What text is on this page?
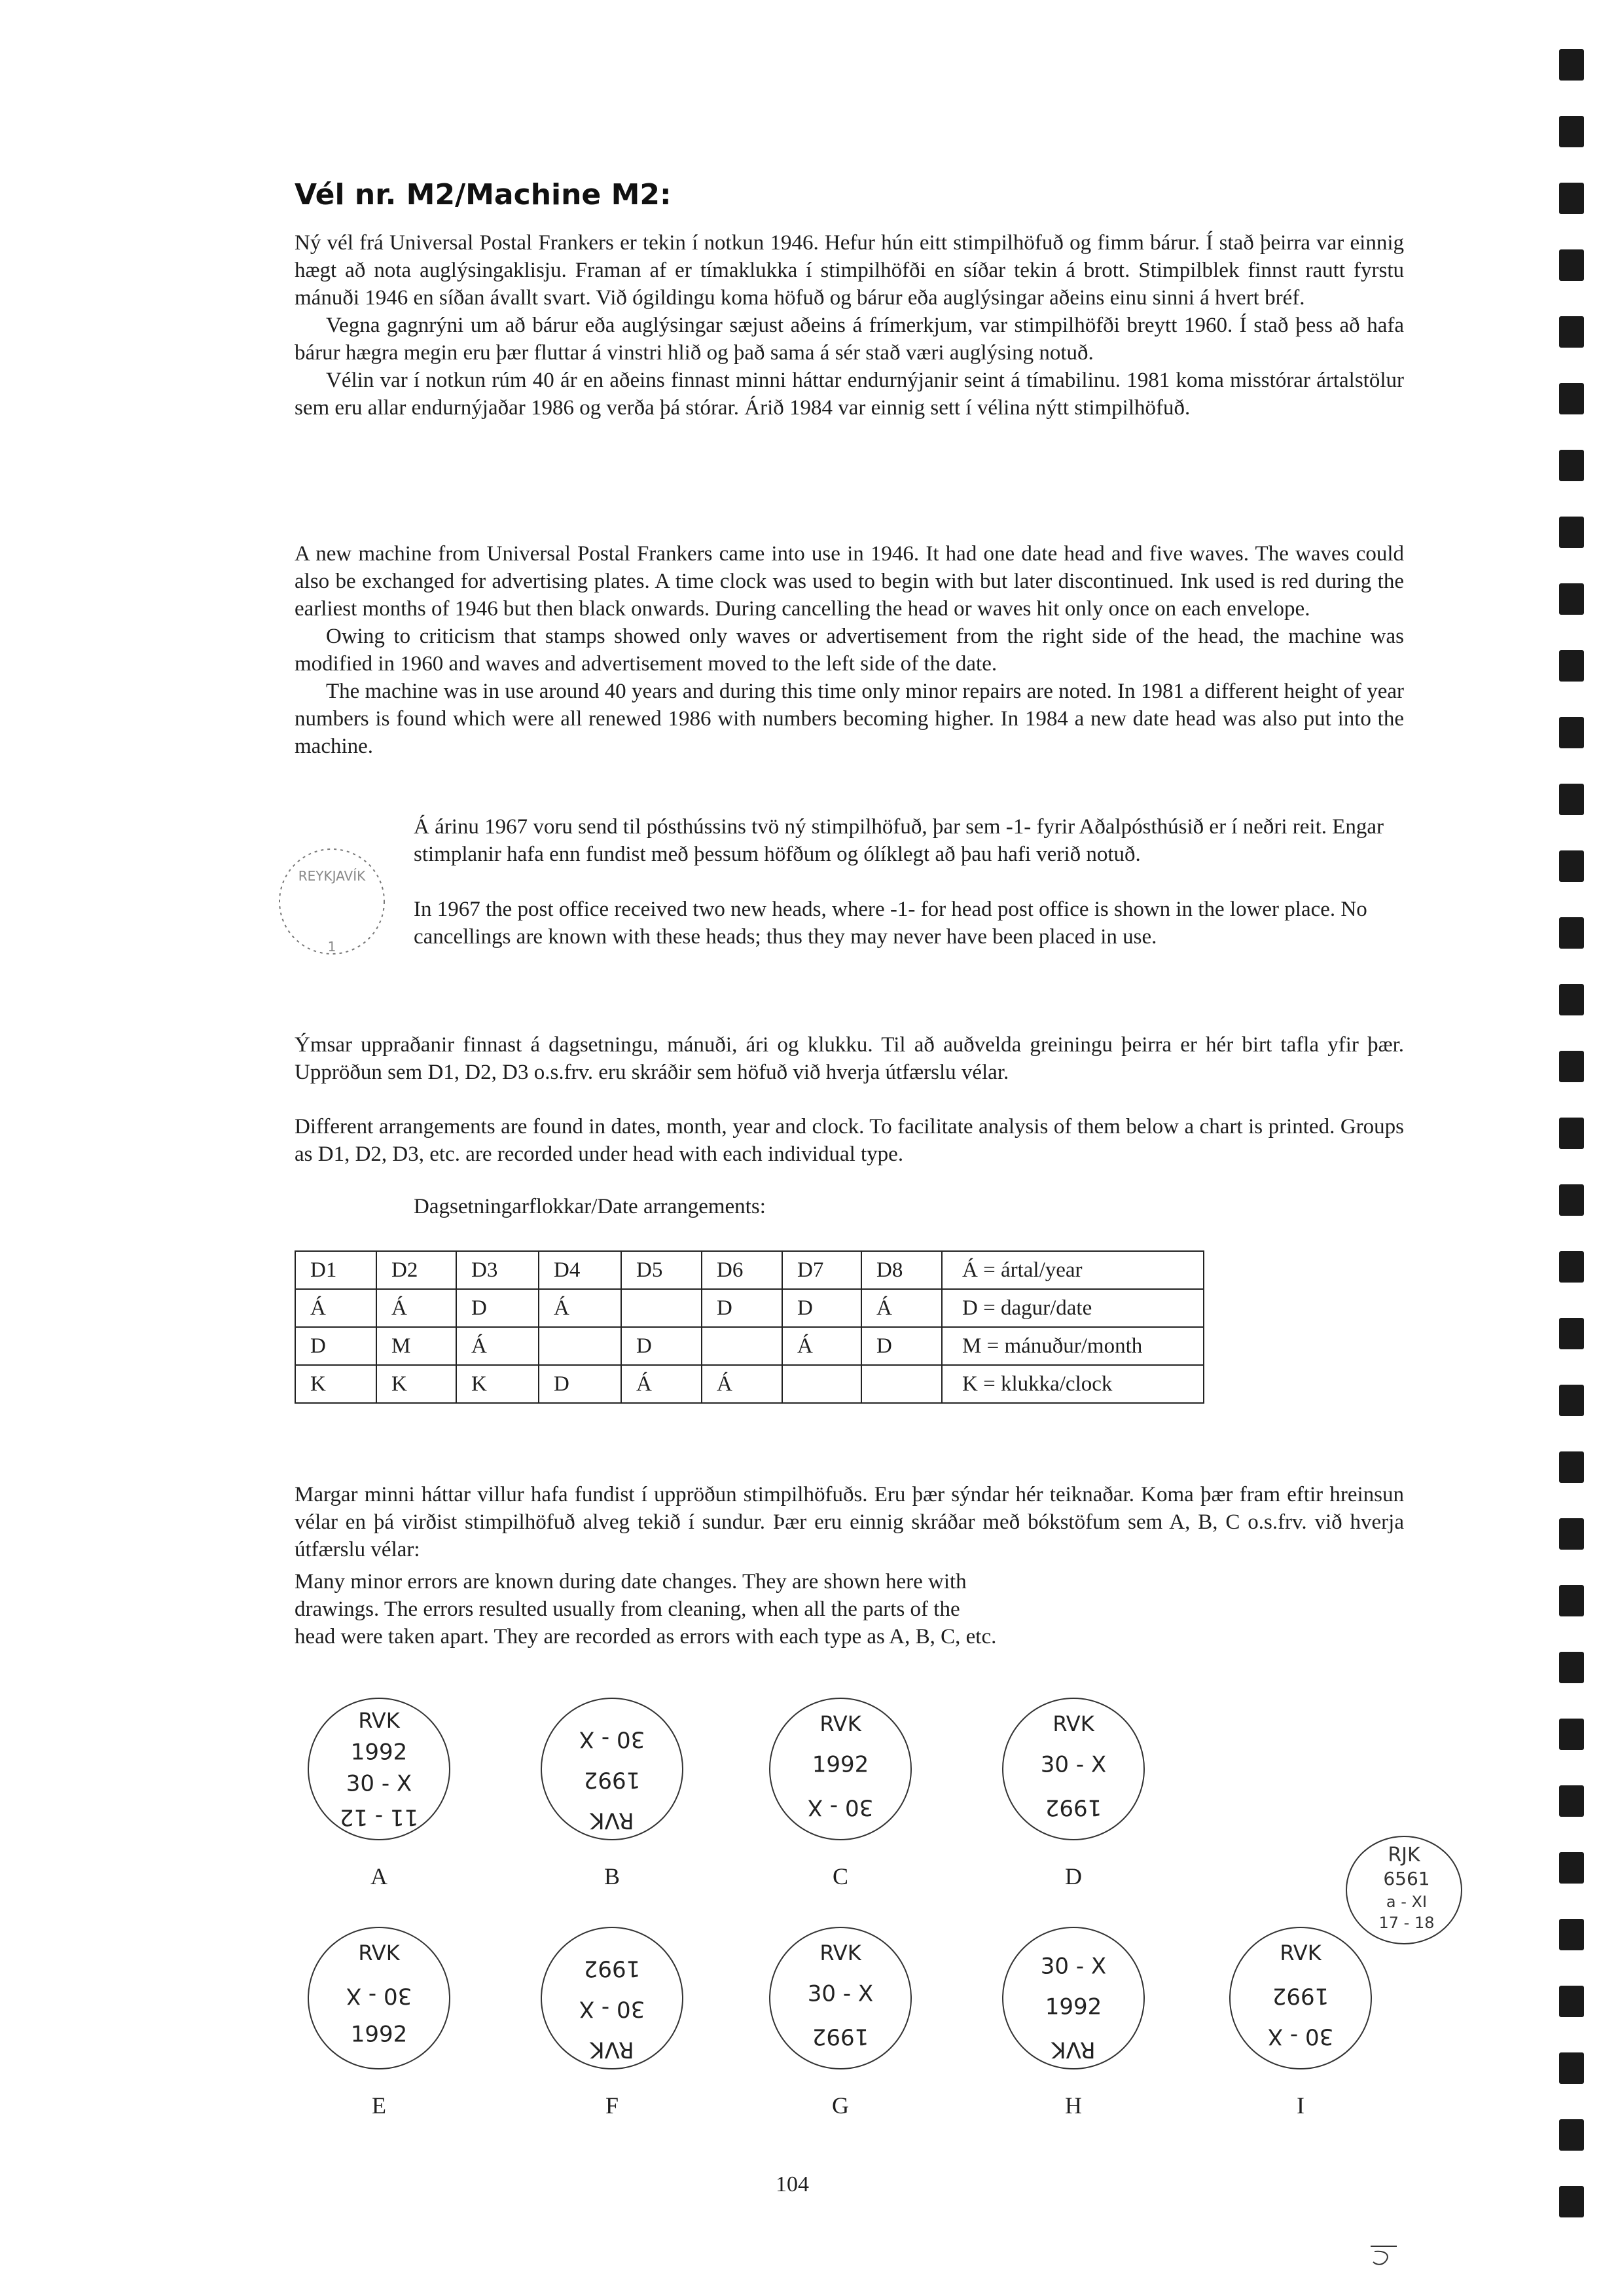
Vél nr. M2/Machine M2:

Ný vél frá Universal Postal Frankers er tekin í notkun 1946. Hefur hún eitt stimpilhöfuð og fimm bárur. Í stað þeirra var einnig hægt að nota auglýsingaklisju. Framan af er tímaklukka í stimpilhöfði en síðar tekin á brott. Stimpilblek finnst rautt fyrstu mánuði 1946 en síðan ávallt svart. Við ógildingu koma höfuð og bárur eða auglýsingar aðeins einu sinni á hvert bréf.

Vegna gagnrýni um að bárur eða auglýsingar sæjust aðeins á frímerkjum, var stimpilhöfði breytt 1960. Í stað þess að hafa bárur hægra megin eru þær fluttar á vinstri hlið og það sama á sér stað væri auglýsing notuð.

Vélin var í notkun rúm 40 ár en aðeins finnast minni háttar endurnýjanir seint á tímabilinu. 1981 koma misstórar ártalstölur sem eru allar endurnýjaðar 1986 og verða þá stórar. Árið 1984 var einnig sett í vélina nýtt stimpilhöfuð.

A new machine from Universal Postal Frankers came into use in 1946. It had one date head and five waves. The waves could also be exchanged for advertising plates. A time clock was used to begin with but later discontinued. Ink used is red during the earliest months of 1946 but then black onwards. During cancelling the head or waves hit only once on each envelope.

Owing to criticism that stamps showed only waves or advertisement from the right side of the head, the machine was modified in 1960 and waves and advertisement moved to the left side of the date.

The machine was in use around 40 years and during this time only minor repairs are noted. In 1981 a different height of year numbers is found which were all renewed 1986 with numbers becoming higher. In 1984 a new date head was also put into the machine.

REYKJAVÍK
1

Á árinu 1967 voru send til pósthússins tvö ný stimpilhöfuð, þar sem -1- fyrir Aðalpósthúsið er í neðri reit. Engar stimplanir hafa enn fundist með þessum höfðum og ólíklegt að þau hafi verið notuð.

In 1967 the post office received two new heads, where -1- for head post office is shown in the lower place. No cancellings are known with these heads; thus they may never have been placed in use.

Ýmsar uppraðanir finnast á dagsetningu, mánuði, ári og klukku. Til að auðvelda greiningu þeirra er hér birt tafla yfir þær. Uppröðun sem D1, D2, D3 o.s.frv. eru skráðir sem höfuð við hverja útfærslu vélar.
Different arrangements are found in dates, month, year and clock. To facilitate analysis of them below a chart is printed. Groups as D1, D2, D3, etc. are recorded under head with each individual type.
Dagsetningarflokkar/Date arrangements:
D1	D2	D3	D4	D5	D6	D7	D8	Á = ártal/year
Á	Á	D	Á		D	D	Á	D = dagur/date
D	M	Á		D		Á	D	M = mánuður/month
K	K	K	D	Á	Á			K = klukka/clock
Margar minni háttar villur hafa fundist í uppröðun stimpilhöfuðs. Eru þær sýndar hér teiknaðar. Koma þær fram eftir hreinsun vélar en þá virðist stimpilhöfuð alveg tekið í sundur. Þær eru einnig skráðar með bókstöfum sem A, B, C o.s.frv. við hverja útfærslu vélar:
Many minor errors are known during date changes. They are shown here with
drawings. The errors resulted usually from cleaning, when all the parts of the
head were taken apart. They are recorded as errors with each type as A, B, C, etc.
RVK
1992
30 - X
11 - 12
A
30 - X
1992
RVK
B
RVK
1992
30 - X
C
RVK
30 - X
1992
D
RVK
30 - X
1992
E
1992
30 - X
RVK
F
RVK
30 - X
1992
G
30 - X
1992
RVK
H
RVK
1992
30 - X
I
104
RJK
6561
a - XI
17 - 18
